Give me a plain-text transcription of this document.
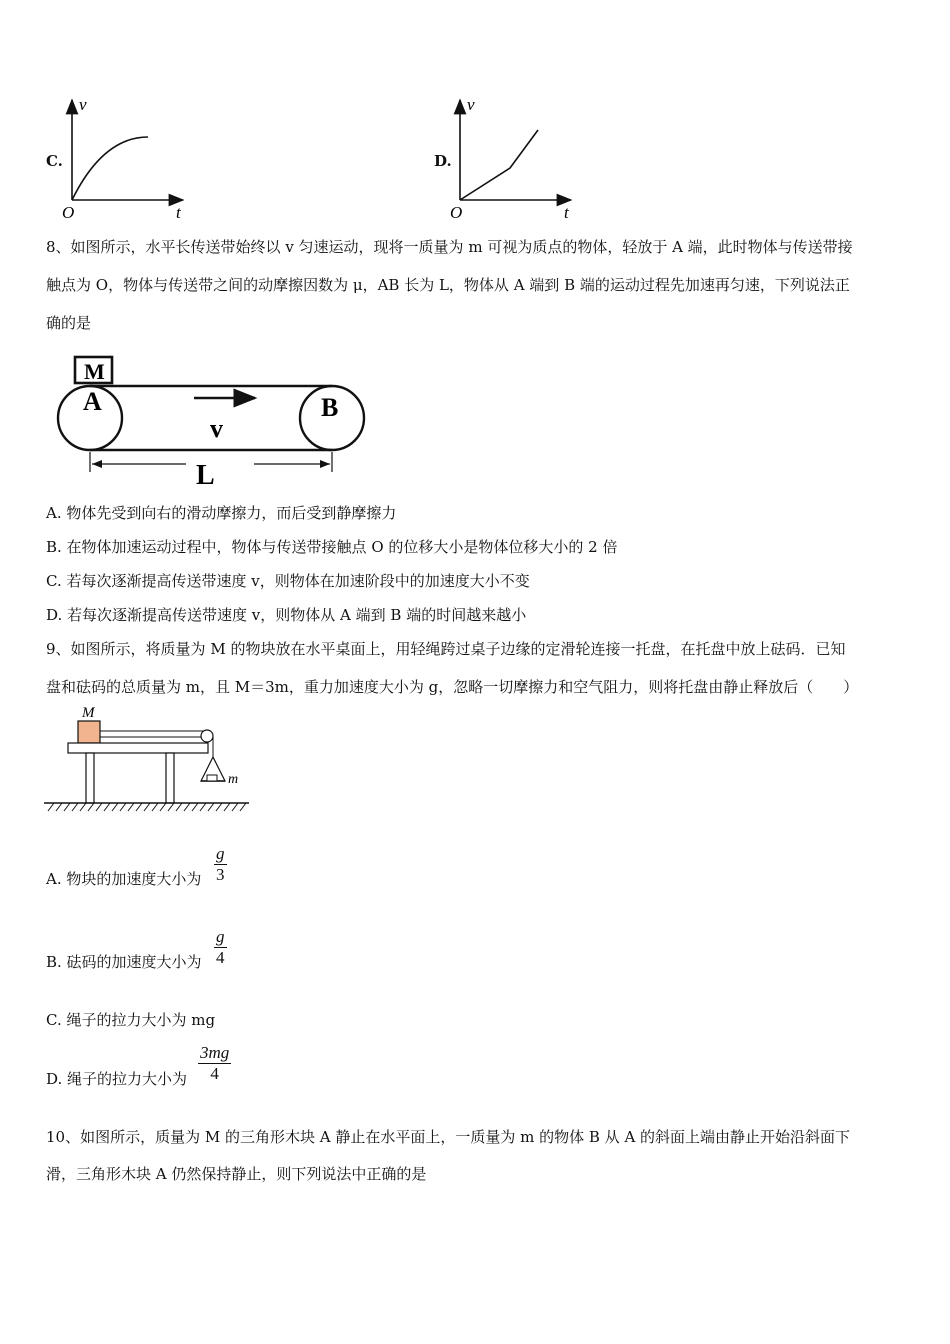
C.
v
t
O
D.
v
t
O
8、如图所示，水平长传送带始终以 v 匀速运动，现将一质量为 m 可视为质点的物体，轻放于 A 端，此时物体与传送带接
触点为 O，物体与传送带之间的动摩擦因数为 μ，AB 长为 L，物体从 A 端到 B 端的运动过程先加速再匀速，下列说法正
确的是
M
A	B
v
L
A. 物体先受到向右的滑动摩擦力，而后受到静摩擦力
B. 在物体加速运动过程中，物体与传送带接触点 O 的位移大小是物体位移大小的 2 倍
C. 若每次逐渐提高传送带速度 v，则物体在加速阶段中的加速度大小不变
D. 若每次逐渐提高传送带速度 v，则物体从 A 端到 B 端的时间越来越小
9、如图所示，将质量为 M 的物块放在水平桌面上，用轻绳跨过桌子边缘的定滑轮连接一托盘，在托盘中放上砝码．已知
盘和砝码的总质量为 m，且 M＝3m，重力加速度大小为 g，忽略一切摩擦力和空气阻力，则将托盘由静止释放后（　　）
M
m
A. 物块的加速度大小为 $\frac{g}{3}$
B. 砝码的加速度大小为 $\frac{g}{4}$
C. 绳子的拉力大小为 mg
D. 绳子的拉力大小为 $\frac{3mg}{4}$
10、如图所示，质量为 M 的三角形木块 A 静止在水平面上，一质量为 m 的物体 B 从 A 的斜面上端由静止开始沿斜面下
滑，三角形木块 A 仍然保持静止，则下列说法中正确的是
